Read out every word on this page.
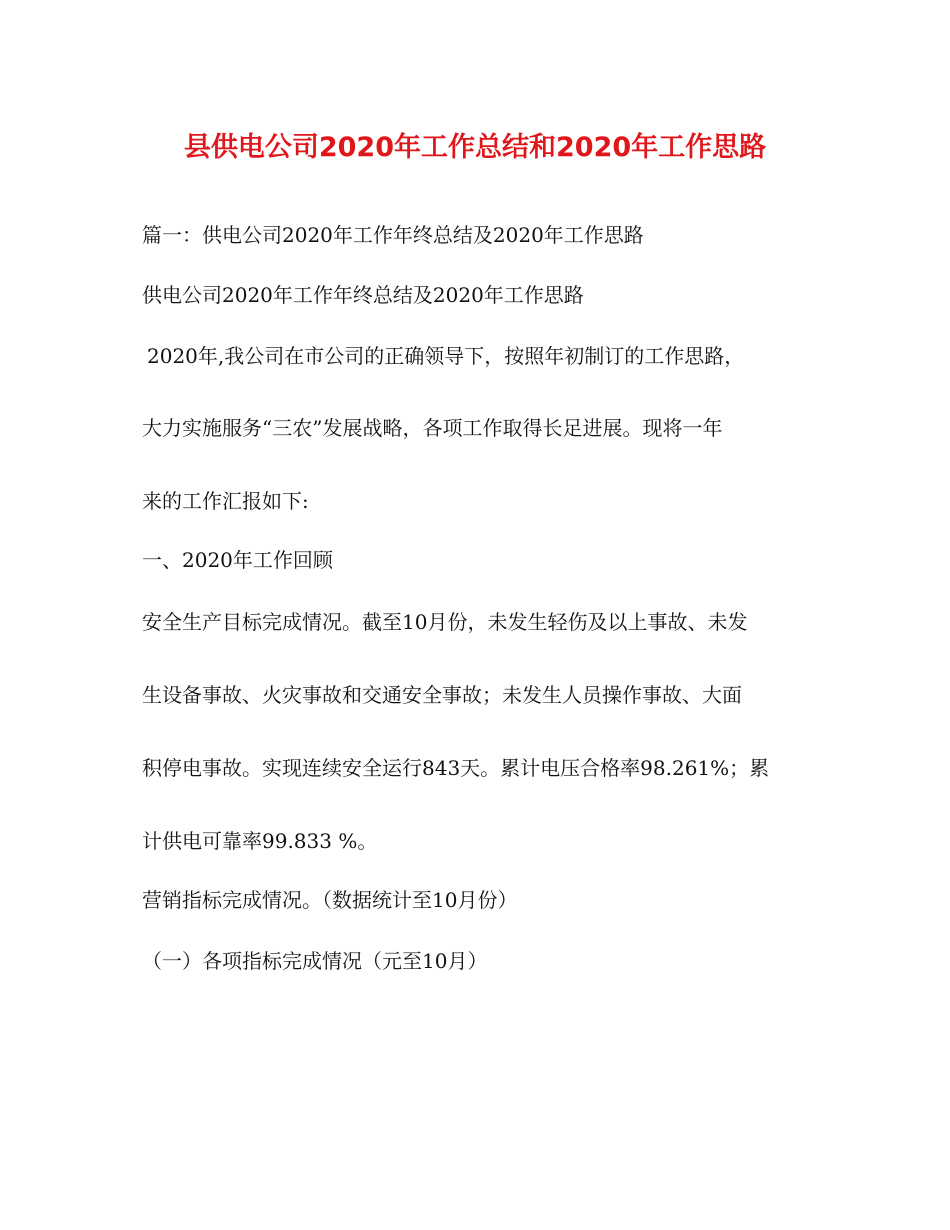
县供电公司2020年工作总结和2020年工作思路
篇一：供电公司2020年工作年终总结及2020年工作思路
供电公司2020年工作年终总结及2020年工作思路
2020年,我公司在市公司的正确领导下，按照年初制订的工作思路，
大力实施服务“三农”发展战略，各项工作取得长足进展。现将一年
来的工作汇报如下:
一、2020年工作回顾
安全生产目标完成情况。截至10月份，未发生轻伤及以上事故、未发
生设备事故、火灾事故和交通安全事故；未发生人员操作事故、大面
积停电事故。实现连续安全运行843天。累计电压合格率98.261%；累
计供电可靠率99.833 %。
营销指标完成情况。（数据统计至10月份）
（一）各项指标完成情况（元至10月）
